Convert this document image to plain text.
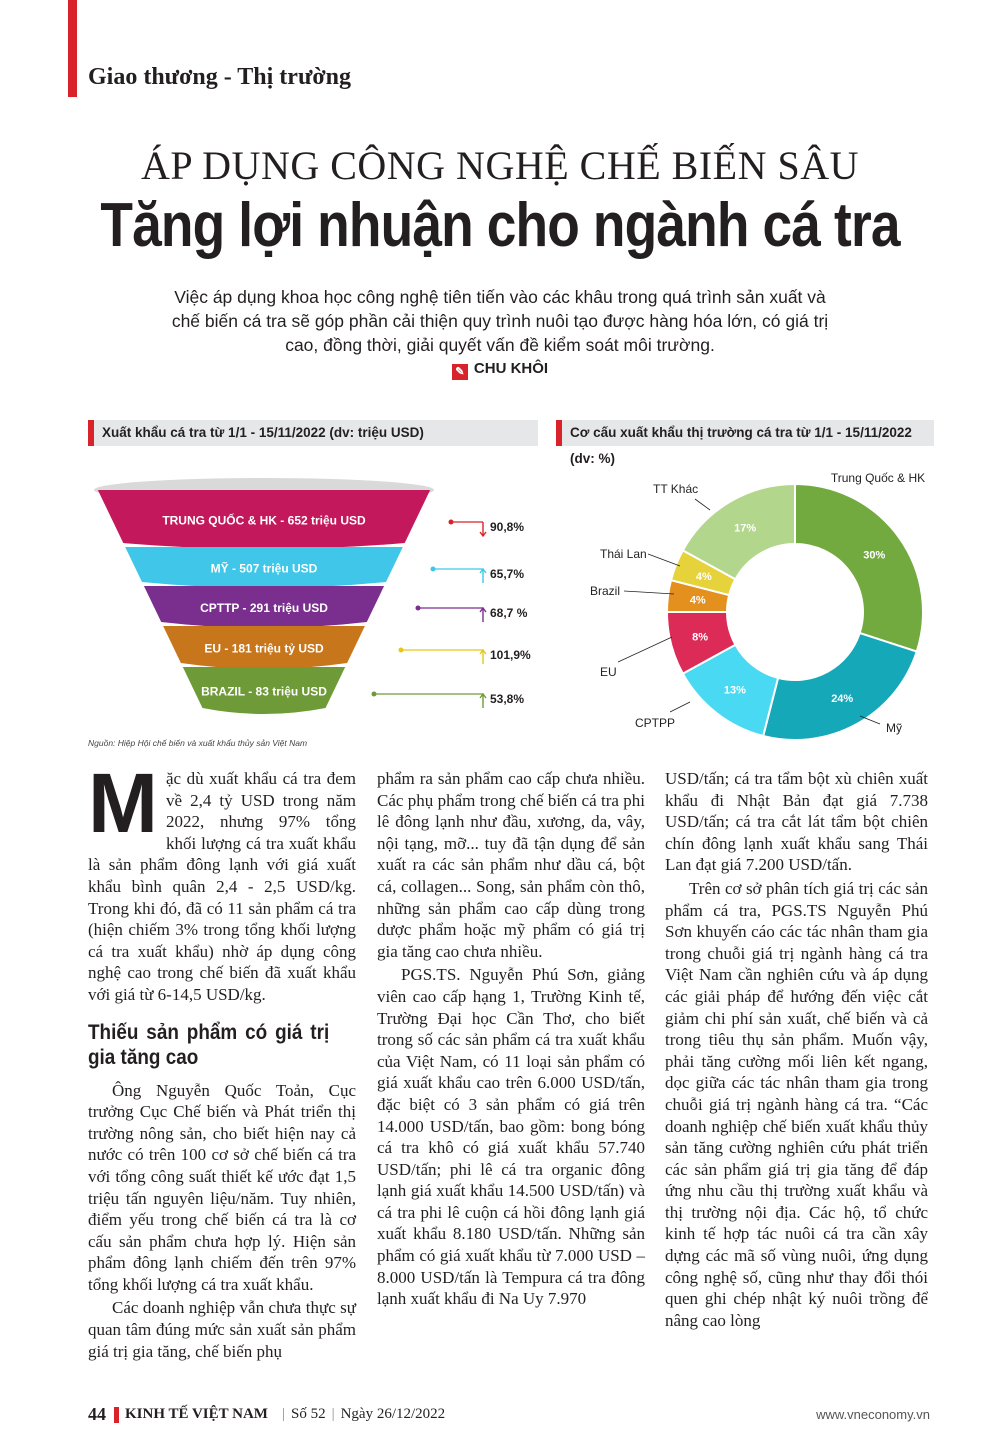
Giao thương - Thị trường
ÁP DỤNG CÔNG NGHỆ CHẾ BIẾN SÂU
Tăng lợi nhuận cho ngành cá tra
Việc áp dụng khoa học công nghệ tiên tiến vào các khâu trong quá trình sản xuất và chế biến cá tra sẽ góp phần cải thiện quy trình nuôi tạo được hàng hóa lớn, có giá trị cao, đồng thời, giải quyết vấn đề kiểm soát môi trường.
✎ CHU KHÔI
Xuất khẩu cá tra từ 1/1 - 15/11/2022 (dv: triệu USD)	Cơ cấu xuất khẩu thị trường cá tra từ 1/1 - 15/11/2022 (dv: %)
TRUNG QUỐC & HK - 652 triệu USD	90,8%
MỸ - 507 triệu USD	65,7%
CPTTP - 291 triệu USD	68,7 %
EU - 181 triệu tỷ USD	101,9%
BRAZIL - 83 triệu USD
53,8%
30%
24%
13%
8%
4%
4%
17%
Trung Quốc & HK
Mỹ
CPTPP
EU
Brazil
Thái Lan
TT Khác
Nguồn: Hiệp Hội chế biến và xuất khẩu thủy sản Việt Nam

Mặc dù xuất khẩu cá tra đem về 2,4 tỷ USD trong năm 2022, nhưng 97% tổng khối lượng cá tra xuất khẩu là sản phẩm đông lạnh với giá xuất khẩu bình quân 2,4 - 2,5 USD/kg. Trong khi đó, đã có 11 sản phẩm cá tra (hiện chiếm 3% trong tổng khối lượng cá tra xuất khẩu) nhờ áp dụng công nghệ cao trong chế biến đã xuất khẩu với giá từ 6-14,5 USD/kg.

Thiếu sản phẩm có giá trị gia tăng cao

Ông Nguyễn Quốc Toản, Cục trưởng Cục Chế biến và Phát triển thị trường nông sản, cho biết hiện nay cả nước có trên 100 cơ sở chế biến cá tra với tổng công suất thiết kế ước đạt 1,5 triệu tấn nguyên liệu/năm. Tuy nhiên, điểm yếu trong chế biến cá tra là cơ cấu sản phẩm chưa hợp lý. Hiện sản phẩm đông lạnh chiếm đến trên 97% tổng khối lượng cá tra xuất khẩu.

Các doanh nghiệp vẫn chưa thực sự quan tâm đúng mức sản xuất sản phẩm giá trị gia tăng, chế biến phụ

phẩm ra sản phẩm cao cấp chưa nhiều. Các phụ phẩm trong chế biến cá tra phi lê đông lạnh như đầu, xương, da, vây, nội tạng, mỡ... tuy đã tận dụng để sản xuất ra các sản phẩm như dầu cá, bột cá, collagen... Song, sản phẩm còn thô, những sản phẩm cao cấp dùng trong dược phẩm hoặc mỹ phẩm có giá trị gia tăng cao chưa nhiều.

PGS.TS. Nguyễn Phú Sơn, giảng viên cao cấp hạng 1, Trường Kinh tế, Trường Đại học Cần Thơ, cho biết trong số các sản phẩm cá tra xuất khẩu của Việt Nam, có 11 loại sản phẩm có giá xuất khẩu cao trên 6.000 USD/tấn, đặc biệt có 3 sản phẩm có giá trên 14.000 USD/tấn, bao gồm: bong bóng cá tra khô có giá xuất khẩu 57.740 USD/tấn; phi lê cá tra organic đông lạnh giá xuất khẩu 14.500 USD/tấn) và cá tra phi lê cuộn cá hồi đông lạnh giá xuất khẩu 8.180 USD/tấn. Những sản phẩm có giá xuất khẩu từ 7.000 USD – 8.000 USD/tấn là Tempura cá tra đông lạnh xuất khẩu đi Na Uy 7.970

USD/tấn; cá tra tẩm bột xù chiên xuất khẩu đi Nhật Bản đạt giá 7.738 USD/tấn; cá tra cắt lát tẩm bột chiên chín đông lạnh xuất khẩu sang Thái Lan đạt giá 7.200 USD/tấn.

Trên cơ sở phân tích giá trị các sản phẩm cá tra, PGS.TS Nguyễn Phú Sơn khuyến cáo các tác nhân tham gia trong chuỗi giá trị ngành hàng cá tra Việt Nam cần nghiên cứu và áp dụng các giải pháp để hướng đến việc cắt giảm chi phí sản xuất, chế biến và cả trong tiêu thụ sản phẩm. Muốn vậy, phải tăng cường mối liên kết ngang, dọc giữa các tác nhân tham gia trong chuỗi giá trị ngành hàng cá tra. “Các doanh nghiệp chế biến xuất khẩu thủy sản tăng cường nghiên cứu phát triển các sản phẩm giá trị gia tăng để đáp ứng nhu cầu thị trường xuất khẩu và thị trường nội địa. Các hộ, tổ chức kinh tế hợp tác nuôi cá tra cần xây dựng các mã số vùng nuôi, ứng dụng công nghệ số, cũng như thay đổi thói quen ghi chép nhật ký nuôi trồng để nâng cao lòng

44 KINH TẾ VIỆT NAM | Số 52 | Ngày 26/12/2022	www.vneconomy.vn
